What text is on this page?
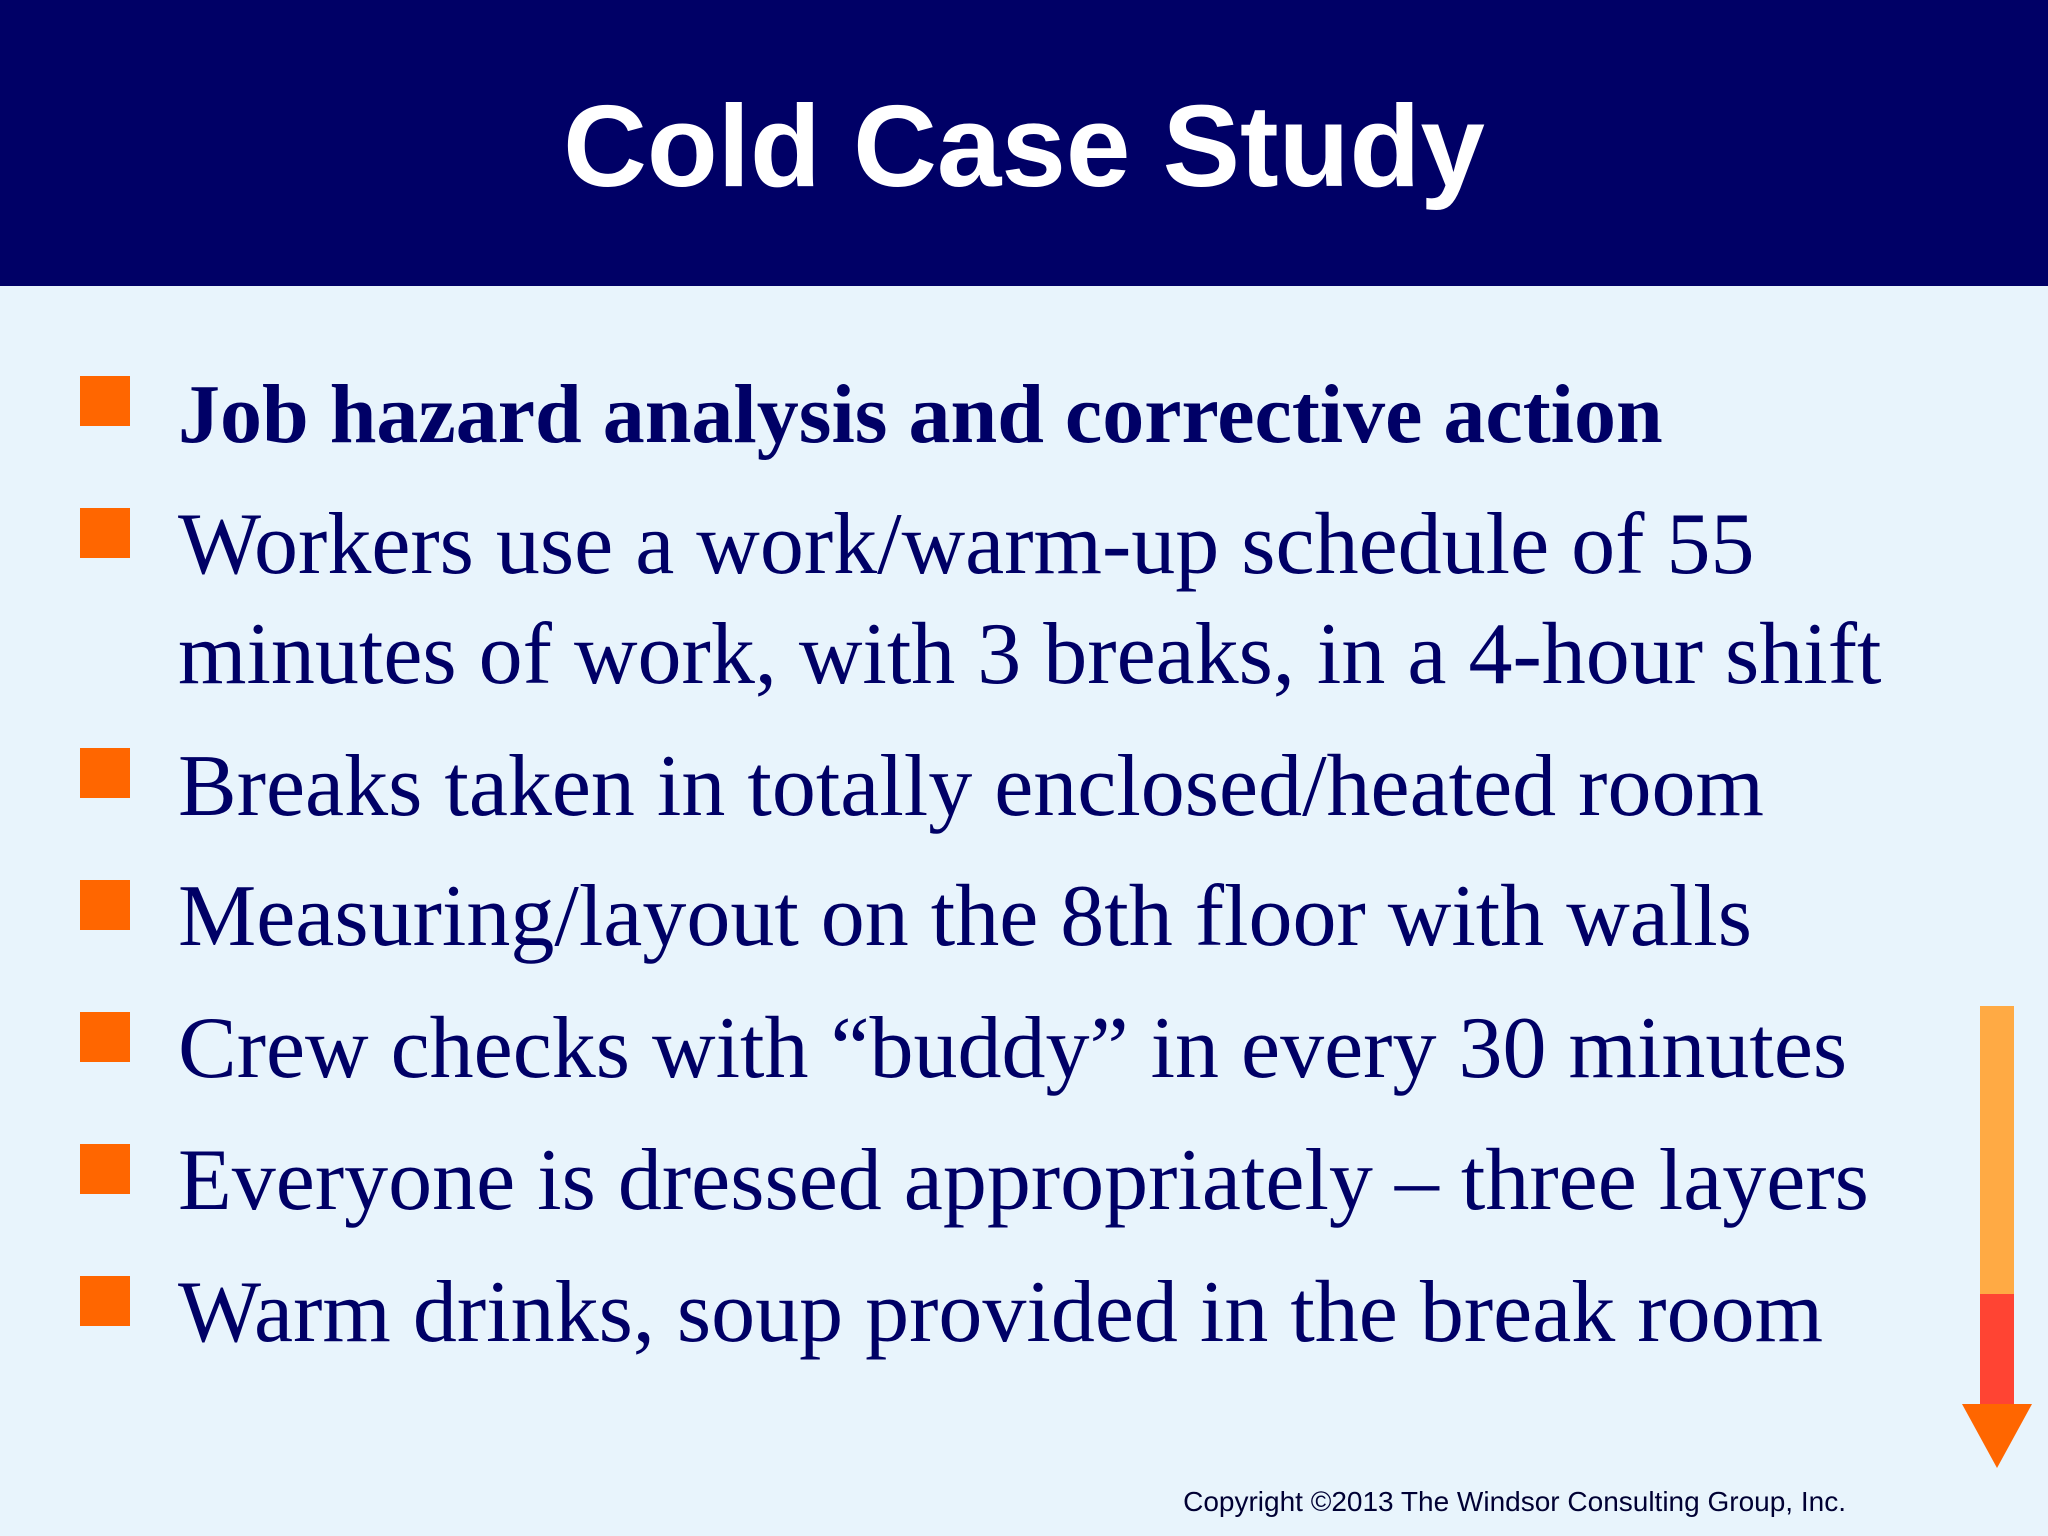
Cold Case Study
Job hazard analysis and corrective action
Workers use a work/warm-up schedule of 55
minutes of work, with 3 breaks, in a 4-hour shift
Breaks taken in totally enclosed/heated room
Measuring/layout on the 8th floor with walls
Crew checks with “buddy” in every 30 minutes
Everyone is dressed appropriately – three layers
Warm drinks, soup provided in the break room
Copyright ©2013 The Windsor Consulting Group, Inc.
